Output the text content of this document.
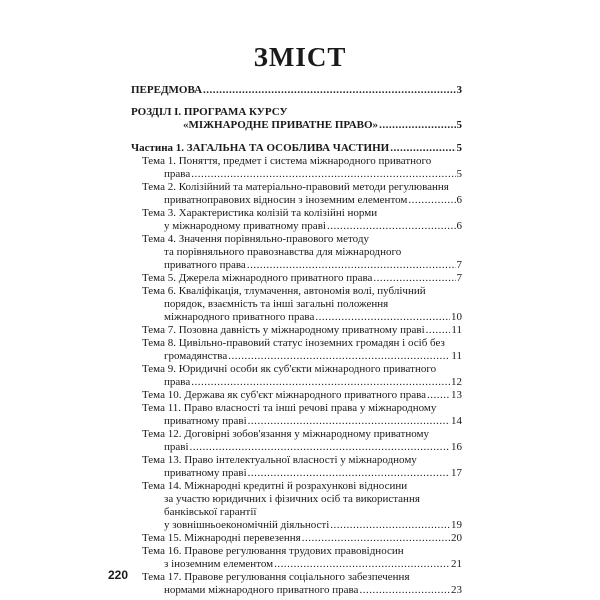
ЗМІСТ
ПЕРЕДМОВА .....	3
РОЗДІЛ І. ПРОГРАМА КУРСУ
«МІЖНАРОДНЕ ПРИВАТНЕ ПРАВО» .....	5
Частина 1. ЗАГАЛЬНА ТА ОСОБЛИВА ЧАСТИНИ .....	5
Тема 1. Поняття, предмет і система міжнародного приватного
права .....	5
Тема 2. Колізійний та матеріально-правовий методи регулювання
приватноправових відносин з іноземним елементом .....	6
Тема 3. Характеристика колізій та колізійні норми
у міжнародному приватному праві .....	6
Тема 4. Значення порівняльно-правового методу
та порівняльного правознавства для міжнародного
приватного права .....	7
Тема 5. Джерела міжнародного приватного права .....	7
Тема 6. Кваліфікація, тлумачення, автономія волі, публічний
порядок, взаємність та інші загальні положення
міжнародного приватного права .....	10
Тема 7. Позовна давність у міжнародному приватному праві ..... 11
Тема 8. Цивільно-правовий статус іноземних громадян і осіб без
громадянства .....	11
Тема 9. Юридичні особи як суб'єкти міжнародного приватного
права .....	12
Тема 10. Держава як суб'єкт міжнародного приватного права ..... 13
Тема 11. Право власності та інші речові права у міжнародному
приватному праві .....	14
Тема 12. Договірні зобов'язання у міжнародному приватному
праві .....	16
Тема 13. Право інтелектуальної власності у міжнародному
приватному праві .....	17
Тема 14. Міжнародні кредитні й розрахункові відносини
за участю юридичних і фізичних осіб та використання
банківської гарантії
у зовнішньоекономічній діяльності .....	19
Тема 15. Міжнародні перевезення .....	20
Тема 16. Правове регулювання трудових правовідносин
з іноземним елементом .....	21
Тема 17. Правове регулювання соціального забезпечення
нормами міжнародного приватного права .....	23
220
